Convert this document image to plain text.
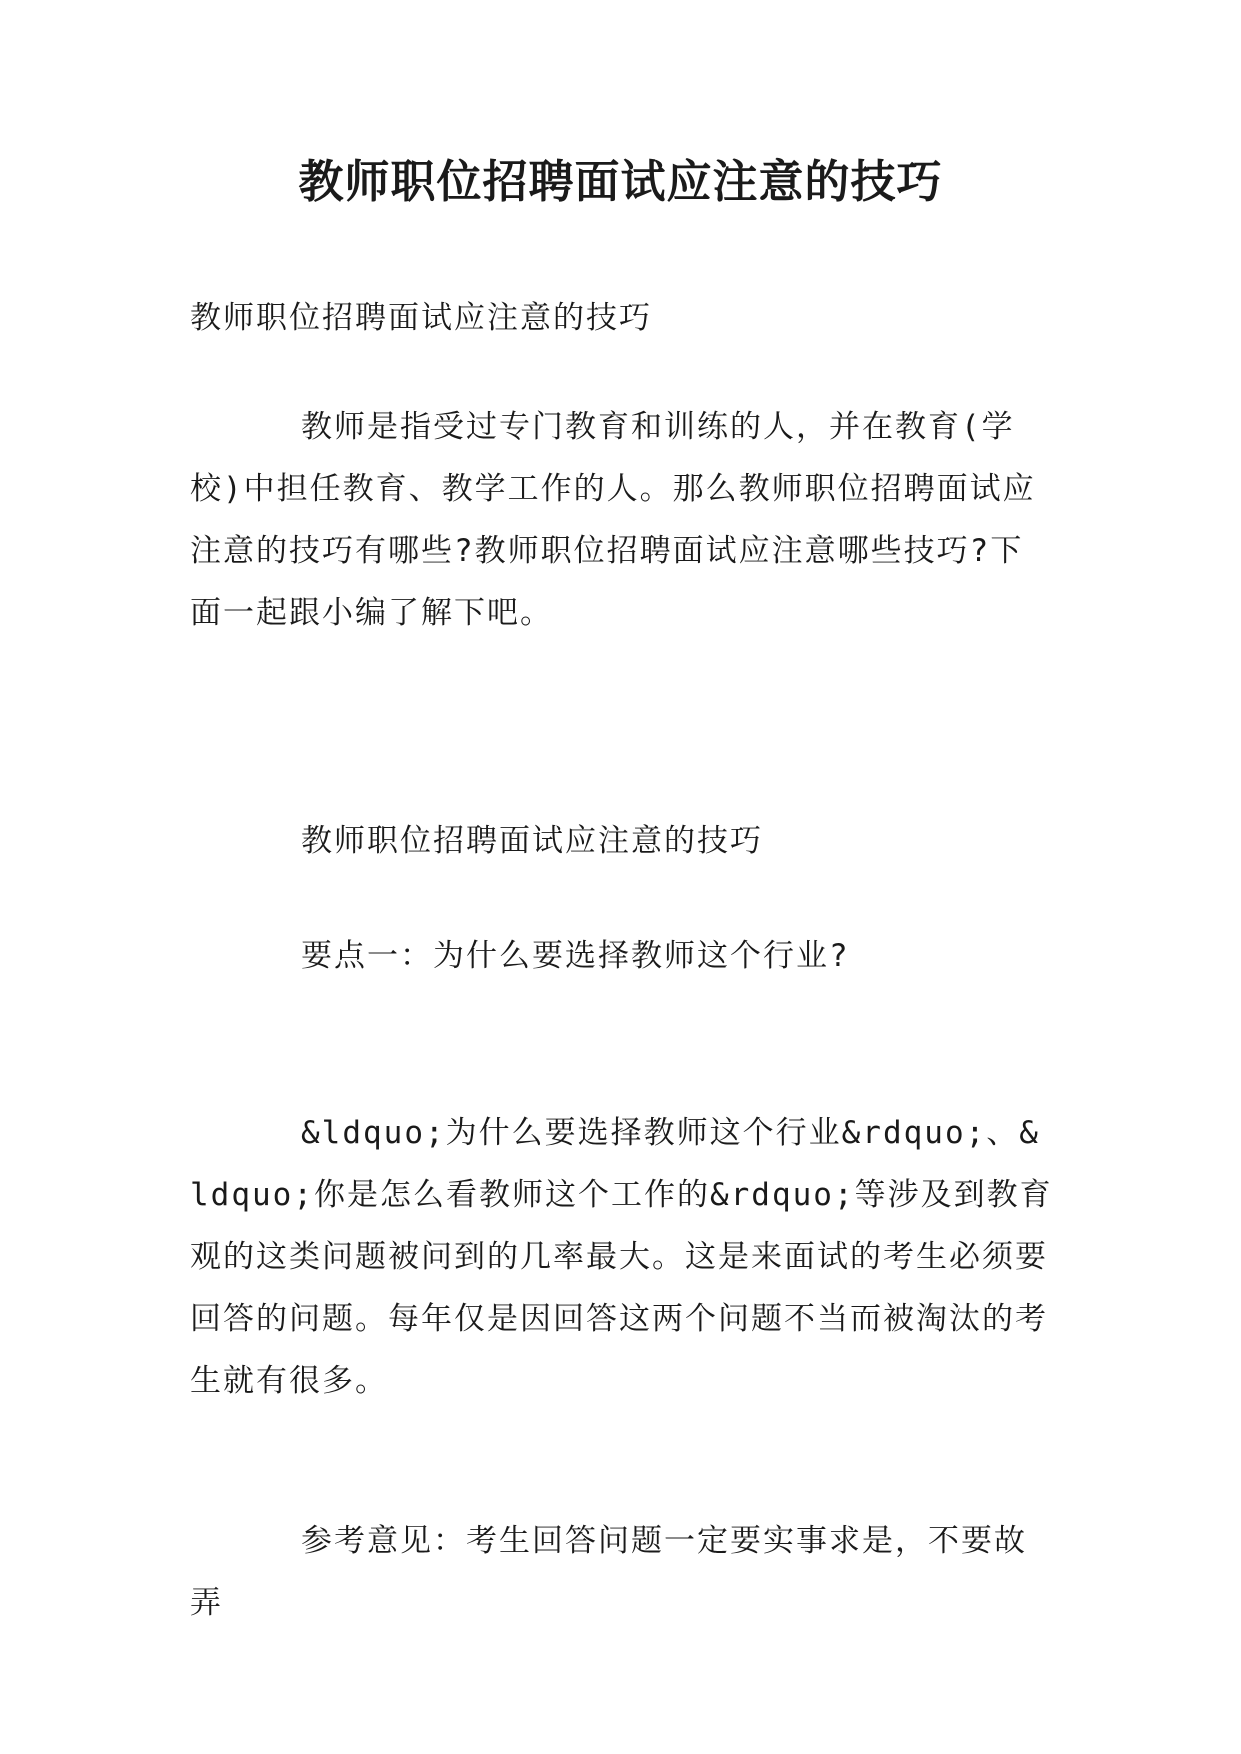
教师职位招聘面试应注意的技巧

教师职位招聘面试应注意的技巧

教师是指受过专门教育和训练的人，并在教育(学校)中担任教育、教学工作的人。那么教师职位招聘面试应注意的技巧有哪些?教师职位招聘面试应注意哪些技巧?下面一起跟小编了解下吧。

教师职位招聘面试应注意的技巧

要点一：为什么要选择教师这个行业?

&ldquo;为什么要选择教师这个行业&rdquo;、&ldquo;你是怎么看教师这个工作的&rdquo;等涉及到教育观的这类问题被问到的几率最大。这是来面试的考生必须要回答的问题。每年仅是因回答这两个问题不当而被淘汰的考生就有很多。

参考意见：考生回答问题一定要实事求是，不要故弄
